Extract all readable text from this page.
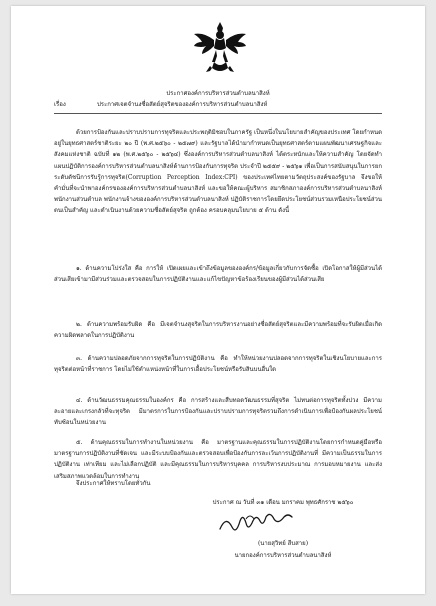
ประกาศองค์การบริหารส่วนตำบลนาสิงห์

เรื่อง	ประกาศเจตจำนงซื่อสัตย์สุจริตขององค์การบริหารส่วนตำบลนาสิงห์

ด้วยการป้องกันและปราบปรามการทุจริตและประพฤติมิชอบในภาครัฐ เป็นหนึ่งในนโยบายสำคัญของประเทศ โดยกำหนดอยู่ในยุทธศาสตร์ชาติระยะ ๒๐ ปี (พ.ศ.๒๕๖๐ - ๒๕๗๙) และรัฐบาลได้นำมากำหนดเป็นยุทธศาสตร์ตามแผนพัฒนาเศรษฐกิจและสังคมแห่งชาติ ฉบับที่ ๑๒ (พ.ศ.๒๕๖๐ - ๒๕๖๔) ซึ่งองค์การบริหารส่วนตำบลนาสิงห์ ได้ตระหนักและให้ความสำคัญ โดยจัดทำแผนปฏิบัติการองค์การบริหารส่วนตำบลนาสิงห์ด้านการป้องกันการทุจริต ประจำปี ๒๕๕๙ - ๒๕๖๑ เพื่อเป็นการสนับสนุนในการยกระดับดัชนีการรับรู้การทุจริต(Corruption Perception Index:CPI) ของประเทศไทยตามวัตถุประสงค์ของรัฐบาล จึงขอให้คำมั่นที่จะนำพาองค์กรขององค์การบริหารส่วนตำบลนาสิงห์ และขอให้คณะผู้บริหาร สมาชิกสภาองค์การบริหารส่วนตำบลนาสิงห์ พนักงานส่วนตำบล พนักงานจ้างขององค์การบริหารส่วนตำบลนาสิงห์ ปฏิบัติราชการโดยยึดประโยชน์ส่วนรวมเหนือประโยชน์ส่วนตนเป็นสำคัญ และดำเนินงานด้วยความซื่อสัตย์สุจริต ถูกต้อง ครอบคลุมนโยบาย ๕ ด้าน ดังนี้

๑. ด้านความโปร่งใส คือ การให้ เปิดเผยและเข้าถึงข้อมูลขององค์กร/ข้อมูลเกี่ยวกับการจัดซื้อ เปิดโอกาสให้ผู้มีส่วนได้ส่วนเสียเข้ามามีส่วนร่วมและตรวจสอบในการปฏิบัติงานและแก้ไขปัญหาข้อร้องเรียนของผู้มีส่วนได้ส่วนเสีย

๒. ด้านความพร้อมรับผิด คือ มีเจตจำนงสุจริตในการบริหารงานอย่างซื่อสัตย์สุจริตและมีความพร้อมที่จะรับผิดเมื่อเกิดความผิดพลาดในการปฏิบัติงาน

๓. ด้านความปลอดภัยจากการทุจริตในการปฏิบัติงาน คือ ทำให้หน่วยงานปลอดจากการทุจริตในเชิงนโยบายและการทุจริตต่อหน้าที่ราชการ โดยไม่ใช้ตำแหน่งหน้าที่ในการเอื้อประโยชน์หรือรับสินบนอื่นใด

๔. ด้านวัฒนธรรมคุณธรรมในองค์กร คือ การสร้างและสืบทอดวัฒนธรรมที่สุจริต ไม่ทนต่อการทุจริตทั้งปวง มีความละอายและเกรงกลัวที่จะทุจริต มีมาตรการในการป้องกันและปราบปรามการทุจริตรวมถึงการดำเนินการเพื่อป้องกันผลประโยชน์ทับซ้อนในหน่วยงาน

๕. ด้านคุณธรรมในการทำงานในหน่วยงาน คือ มาตรฐานและคุณธรรมในการปฏิบัติงานโดยการกำหนดคู่มือหรือมาตรฐานการปฏิบัติงานที่ชัดเจน และมีระบบป้องกันและตรวจสอบเพื่อป้องกันการละเว้นการปฏิบัติงานที่ มีความเป็นธรรมในการปฏิบัติงาน เท่าเทียม และไม่เลือกปฏิบัติ และมีคุณธรรมในการบริหารบุคคล การบริหารงบประมาณ การมอบหมายงาน และส่งเสริมสภาพแวดล้อมในการทำงาน

จึงประกาศให้ทราบโดยทั่วกัน

ประกาศ ณ วันที่ ๓๑ เดือน มกราคม พุทธศักราช ๒๕๖๐

(นายสุวิทย์ สีบสาย)

นายกองค์การบริหารส่วนตำบลนาสิงห์
